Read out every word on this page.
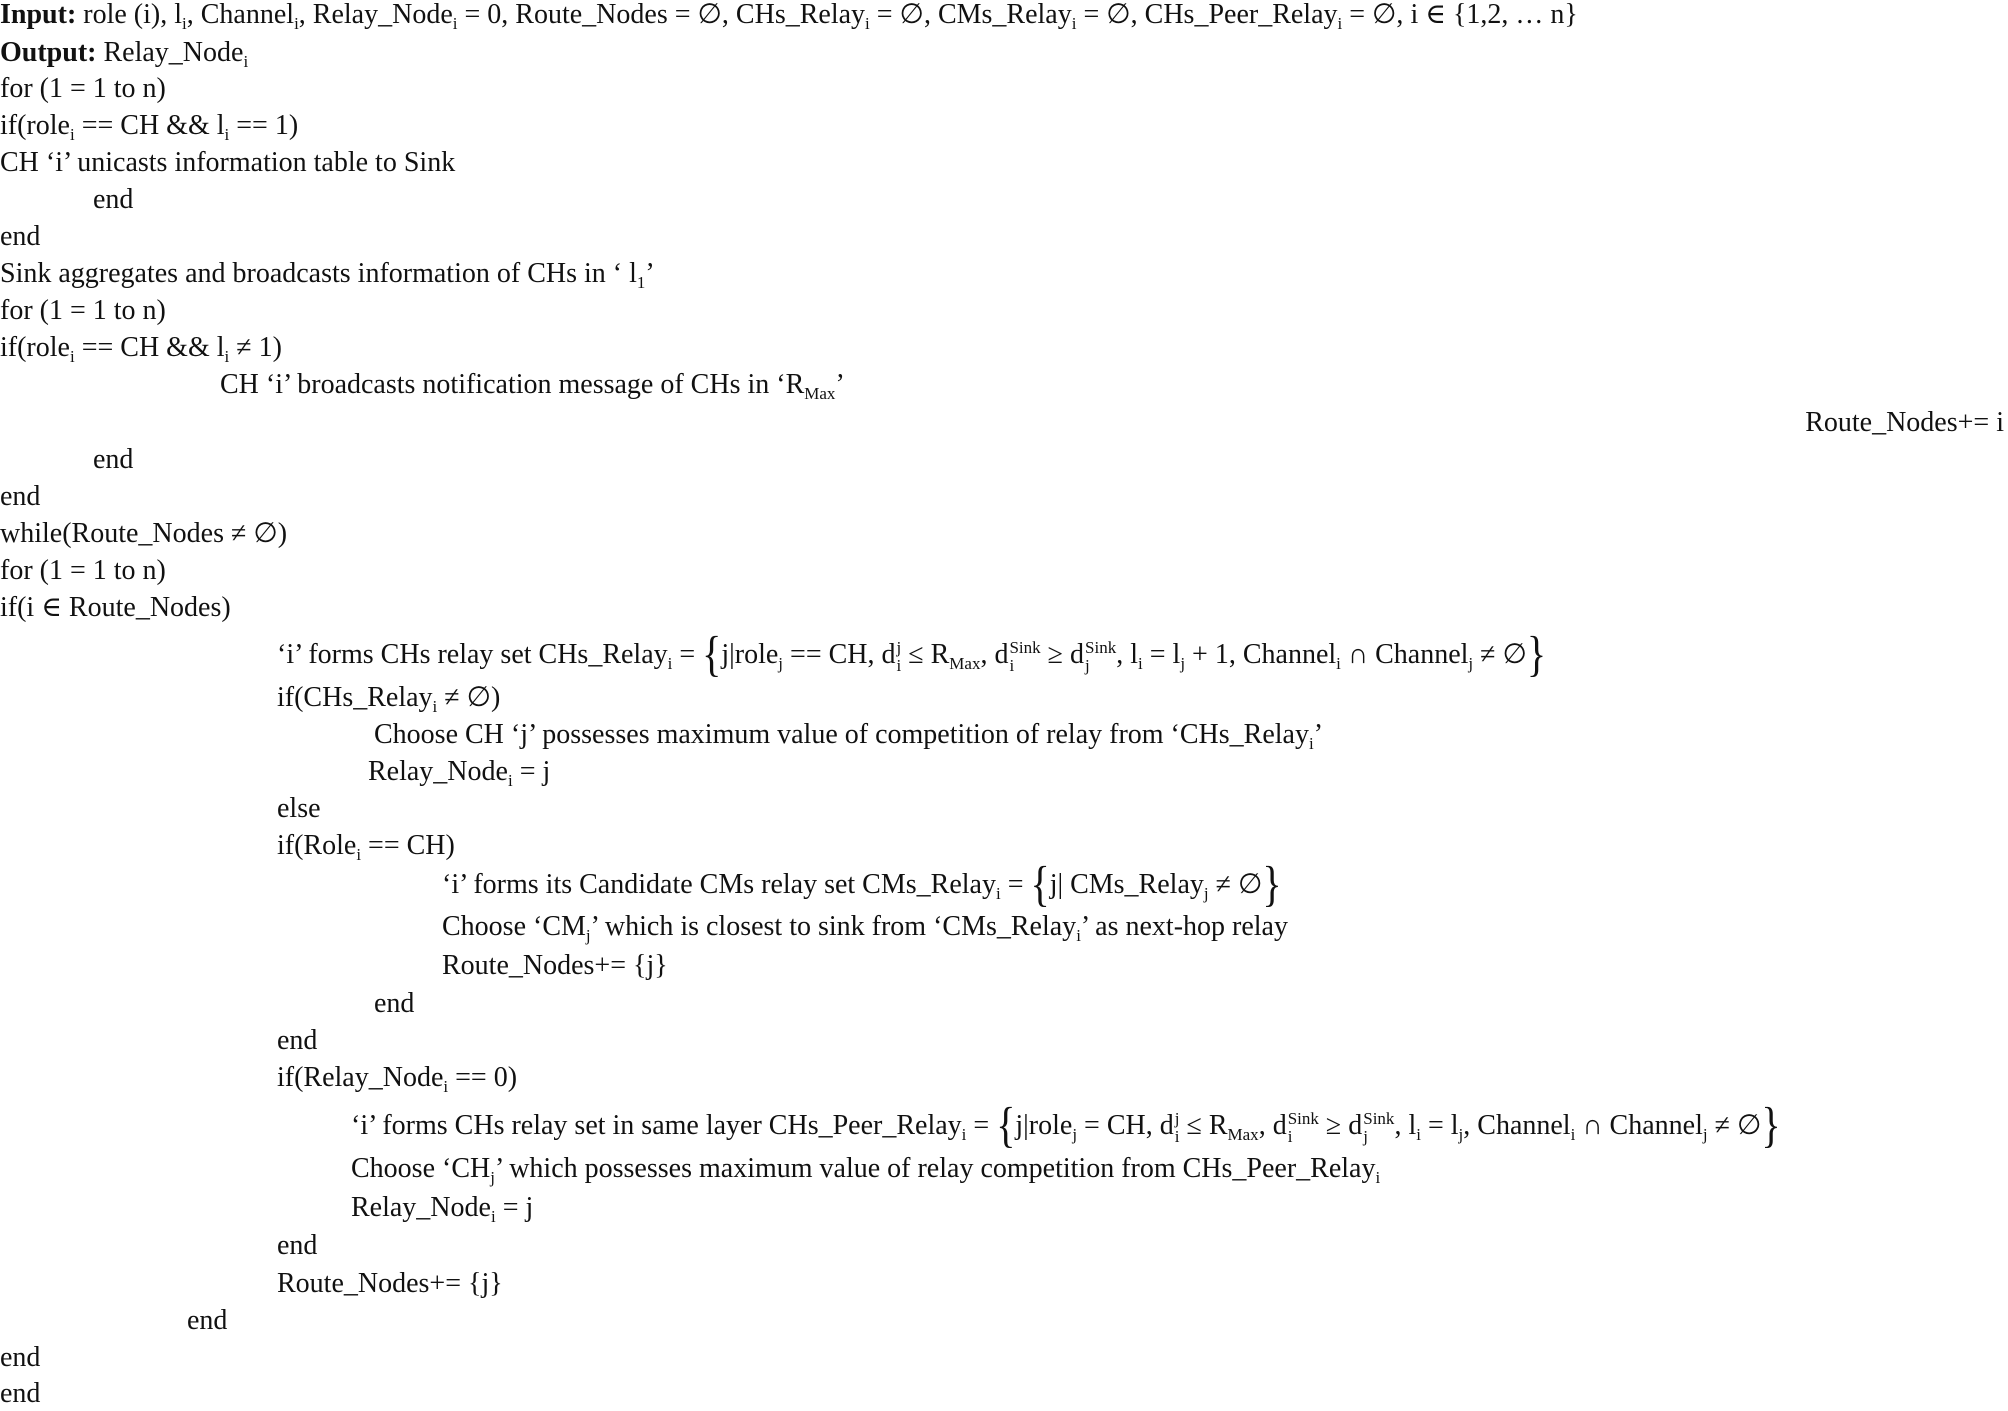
Input: role (i), $l_i$, Channel$_i$, Relay_Node$_i$ = 0, Route_Nodes = ∅, CHs_Relay$_i$ = ∅, CMs_Relay$_i$ = ∅, CHs_Peer_Relay$_i$ = ∅, i ∈ {1,2, … n}
Output: Relay_Node$_i$
for (1 = 1 to n)
if(role$_i$ == CH && $l_i == 1$)
CH ‘i’ unicasts information table to Sink
end
end
Sink aggregates and broadcasts information of CHs in ‘ $l_1$’
for (1 = 1 to n)
if(role$_i$ == CH && $l_i \ne 1$)
CH ‘i’ broadcasts notification message of CHs in ‘$R_{Max}$’
Route_Nodes+= i
end
end
while(Route_Nodes ≠ ∅)
for (1 = 1 to n)
if(i ∈ Route_Nodes)
‘i’ forms CHs relay set CHs_Relay$_i$ = {j|role$_j$ == CH, d j
$i \le R_{Max}$, d Sink
i ≥ d Sink
j , $l_i = l_j + 1$, Channel$_i$ ∩ Channel$_j$ ≠ ∅}
if(CHs_Relay$_i$ ≠ ∅)
Choose CH ‘j’ possesses maximum value of competition of relay from ‘CHs_Relay$_i$’
Relay_Node$_i$ = j
else
if(Role$_i$ == CH)
‘i’ forms its Candidate CMs relay set CMs_Relay$_i$ = {j| CMs_Relay$_j$ ≠ ∅}
Choose ‘$CM_j$’ which is closest to sink from ‘CMs_Relay$_i$’ as next-hop relay
Route_Nodes+= {j}
end
end
if(Relay_Node$_i$ == 0)
‘i’ forms CHs relay set in same layer CHs_Peer_Relay$_i$ = {j|role$_j$ = CH, d j
$i \le R_{Max}$, d Sink
i ≥ d Sink
j , $l_i = l_j$, Channel$_i$ ∩ Channel$_j$ ≠ ∅}
Choose ‘$CH_j$’ which possesses maximum value of relay competition from CHs_Peer_Relay$_i$
Relay_Node$_i$ = j
end
Route_Nodes+= {j}
end
end
end
